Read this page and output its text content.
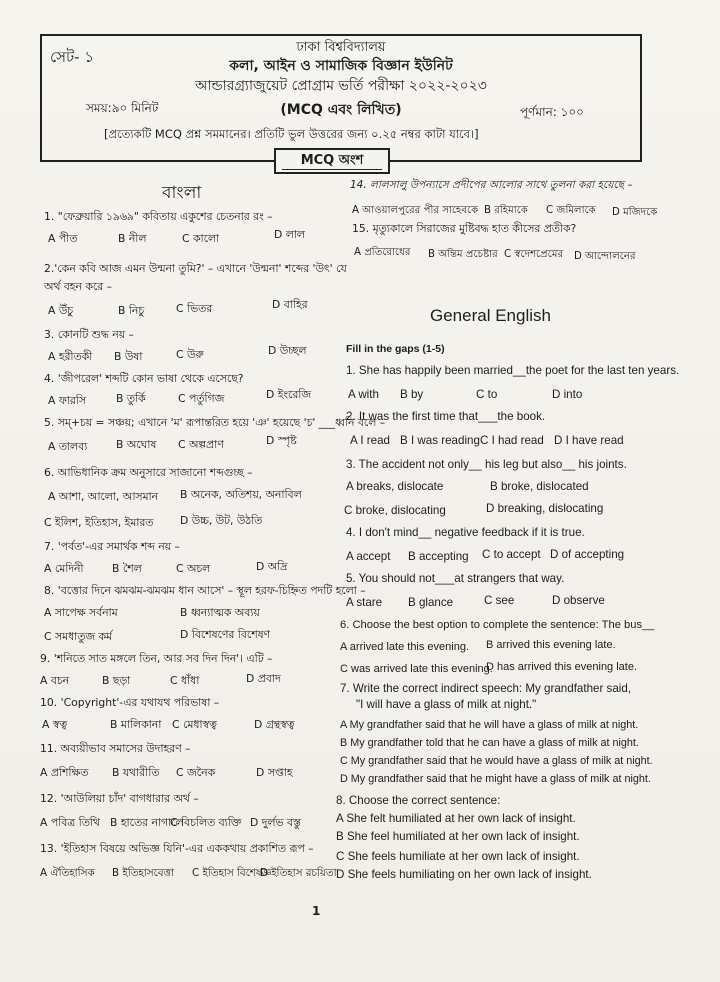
সেট- ১
ঢাকা বিশ্ববিদ্যালয়
কলা, আইন ও সামাজিক বিজ্ঞান ইউনিট
আন্ডারগ্র্যাজুয়েট প্রোগ্রাম ভর্তি পরীক্ষা ২০২২-২০২৩
সময়:৯০ মিনিট	(MCQ এবং লিখিত)	পূর্ণমান: ১০০
[প্রত্যেকটি MCQ প্রশ্ন সমমানের। প্রতিটি ভুল উত্তরের জন্য ০.২৫ নম্বর কাটা যাবে।]
MCQ অংশ
বাংলা
1. "ফেব্রুয়ারি ১৯৬৯" কবিতায় একুশের চেতনার রং –
A পীত	B নীল	C কালো	D লাল
2.'কেন কবি আজ এমন উন্মনা তুমি?' – এখানে 'উন্মনা' শব্দের 'উৎ' যে
অর্থ বহন করে –
A উঁচু	B নিচু	C ভিতর	D বাহির
3. কোনটি শুদ্ধ নয় –
A হরীতকী B উষা	C উরু	D উচ্ছল
4. 'জীপরেল' শব্দটি কোন ভাষা থেকে এসেছে?
A ফারসি	B তুর্কি	C পর্তুগিজ	D ইংরেজি
5. সম্+চয় = সঞ্চয়; এখানে 'ম' রূপান্তরিত হয়ে 'ঞ' হয়েছে 'চ' ___ধ্বনি বলে –
A তালব্য	B অঘোষ C অল্পপ্রাণ	D স্পৃষ্ট
6. আভিধানিক ক্রম অনুসারে সাজানো শব্দগুচ্ছ –
A আশা, আলো, আসমান B অনেক, অতিশয়, অনাবিল
C ইলিশ, ইতিহাস, ইমারত D উচ্চ, উট, উঠতি
7. 'পর্বত'-এর সমার্থক শব্দ নয় –
A মেদিনী	B শৈল	C অচল	D অদ্রি
8. 'বত্তোর দিনে ঝমঝম-ঝমঝম ধান আসে' – স্থূল হরফ-চিহ্নিত পদটি হলো –
A সাপেক্ষ সর্বনাম	B ধ্বন্যাত্মক অব্যয়
C সমধাতুজ কর্ম	D বিশেষণের বিশেষণ
9. 'শনিতে সাত মঙ্গলে তিন, আর সব দিন দিন'। এটি –
A বচন	B ছড়া	C ধাঁধা	D প্রবাদ
10. 'Copyright'-এর যথাযথ পরিভাষা –
A স্বত্ব	B মালিকানা C মেধাস্বত্ব	D গ্রন্থস্বত্ব
11. অব্যয়ীভাব সমাসের উদাহরণ –
A প্রশিক্ষিত B যথারীতি C জনৈক	D সপ্তাহ
12. 'আউলিয়া চাঁদ' বাগধারার অর্থ –
A পবিত্র তিথি B হাতের নাগালে
C বিচলিত ব্যক্তি D দুর্লভ বস্তু
13. 'ইতিহাস বিষয়ে অভিজ্ঞ যিনি'-এর এককথায় প্রকাশিত রূপ –
A ঐতিহাসিক B ইতিহাসবেত্তা C ইতিহাস বিশেষজ্ঞ
D ইতিহাস রচয়িতা
14. লালসালু উপন্যাসে প্রদীপের আলোর সাথে তুলনা করা হয়েছে –
A আওয়ালপুরের পীর সাহেবকে B রহিমাকে C জমিলাকে D মজিদকে
15. মৃত্যুকালে সিরাজের মুষ্টিবদ্ধ হাত কীসের প্রতীক?
A প্রতিরোধের B অন্তিম প্রচেষ্টার C স্বদেশপ্রেমের D আন্দোলনের
General English
Fill in the gaps (1-5)
1. She has happily been married__the poet for the last ten years.
A with B by	C to	D into
2. It was the first time that___the book.
A I read B I was reading C I had read D I have read
3. The accident not only__ his leg but also__ his joints.
A breaks, dislocate	B broke, dislocated
C broke, dislocating	D breaking, dislocating
4. I don't mind__ negative feedback if it is true.
A accept B accepting C to accept D of accepting
5. You should not___at strangers that way.
A stare B glance	C see	D observe
6. Choose the best option to complete the sentence: The bus__
A arrived late this evening. B arrived this evening late.
C was arrived late this evening.
D has arrived this evening late.
7. Write the correct indirect speech: My grandfather said,
"I will have a glass of milk at night."
A My grandfather said that he will have a glass of milk at night.
B My grandfather told that he can have a glass of milk at night.
C My grandfather said that he would have a glass of milk at night.
D My grandfather said that he might have a glass of milk at night.
8. Choose the correct sentence:
A She felt humiliated at her own lack of insight.
B She feel humiliated at her own lack of insight.
C She feels humiliate at her own lack of insight.
D She feels humiliating on her own lack of insight.
1
